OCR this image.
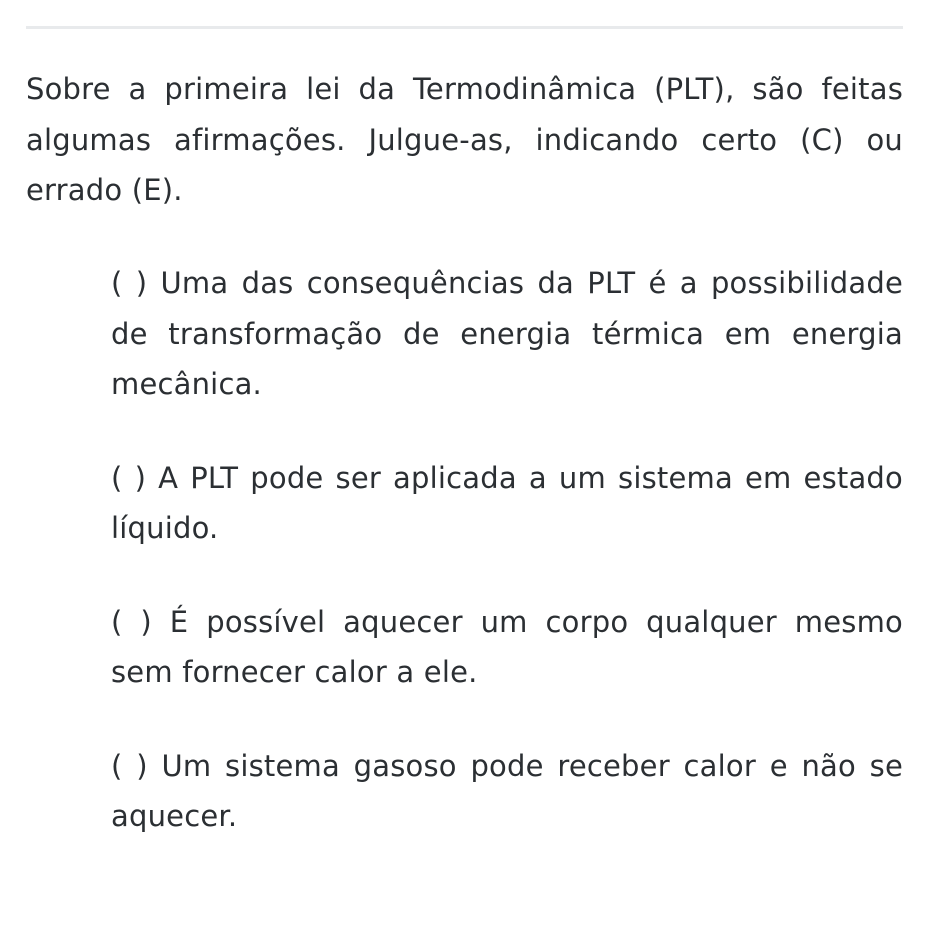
Sobre a primeira lei da Termodinâmica (PLT), são feitas algumas afirmações. Julgue-as, indicando certo (C) ou errado (E).

( ) Uma das consequências da PLT é a possibilidade de transformação de energia térmica em energia mecânica.
( ) A PLT pode ser aplicada a um sistema em estado líquido.
( ) É possível aquecer um corpo qualquer mesmo sem fornecer calor a ele.
( ) Um sistema gasoso pode receber calor e não se aquecer.
